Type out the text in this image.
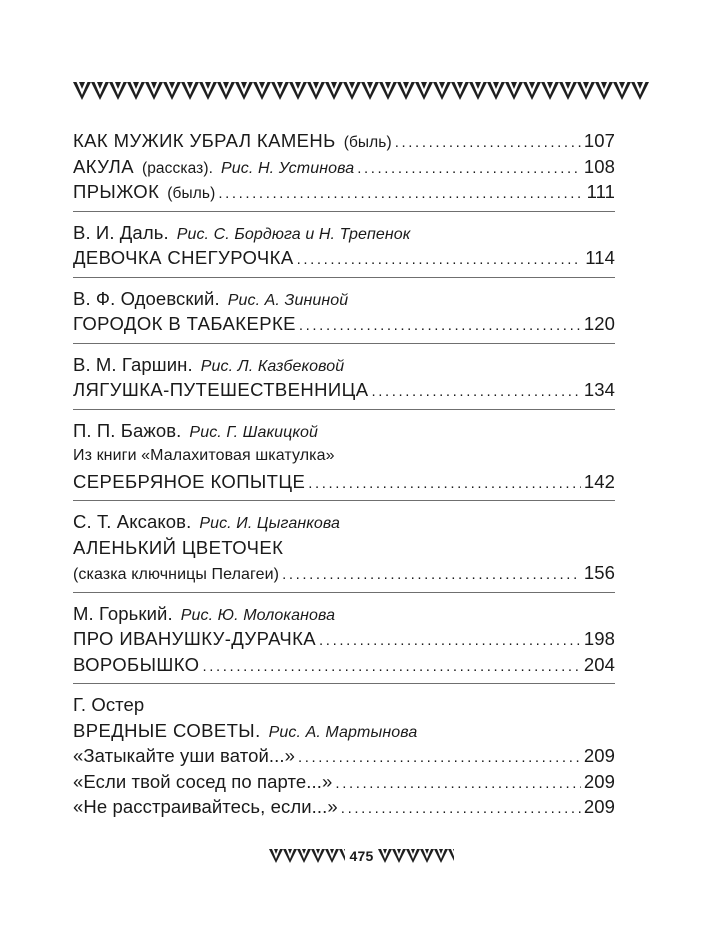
КАК МУЖИК УБРАЛ КАМЕНЬ (быль) .....	107
АКУЛА (рассказ). Рис. Н. Устинова .....	108
ПРЫЖОК (быль) .....	111
В. И. Даль. Рис. С. Бордюга и Н. Трепенок
ДЕВОЧКА СНЕГУРОЧКА .....	114
В. Ф. Одоевский. Рис. А. Зининой
ГОРОДОК В ТАБАКЕРКЕ .....	120
В. М. Гаршин. Рис. Л. Казбековой
ЛЯГУШКА-ПУТЕШЕСТВЕННИЦА .....	134
П. П. Бажов. Рис. Г. Шакицкой
Из книги «Малахитовая шкатулка»
СЕРЕБРЯНОЕ КОПЫТЦЕ .....	142
С. Т. Аксаков. Рис. И. Цыганкова
АЛЕНЬКИЙ ЦВЕТОЧЕК
(сказка ключницы Пелагеи) .....	156
М. Горький. Рис. Ю. Молоканова
ПРО ИВАНУШКУ-ДУРАЧКА .....	198
ВОРОБЫШКО .....	204
Г. Остер
ВРЕДНЫЕ СОВЕТЫ. Рис. А. Мартынова
«Затыкайте уши ватой...» .....	209
«Если твой сосед по парте...» .....	209
«Не расстраивайтесь, если...» .....	209
475
